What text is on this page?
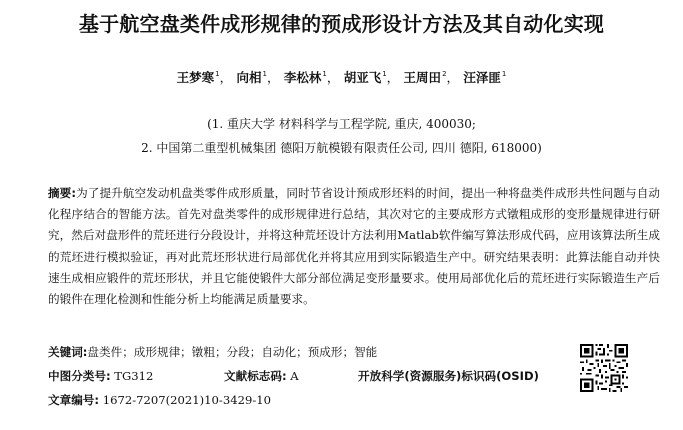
基于航空盘类件成形规律的预成形设计方法及其自动化实现
王梦寒$^1$， 向相$^1$， 李松林$^1$， 胡亚飞$^1$， 王周田$^2$， 汪泽匪$^1$
(1. 重庆大学 材料科学与工程学院, 重庆, 400030;
2. 中国第二重型机械集团 德阳万航模锻有限责任公司, 四川 德阳, 618000)
摘要:为了提升航空发动机盘类零件成形质量，同时节省设计预成形坯料的时间，提出一种将盘类件成形共性问题与自动化程序结合的智能方法。首先对盘类零件的成形规律进行总结，其次对它的主要成形方式镦粗成形的变形量规律进行研究，然后对盘形件的荒坯进行分段设计，并将这种荒坯设计方法利用Matlab软件编写算法形成代码，应用该算法所生成的荒坯进行模拟验证，再对此荒坯形状进行局部优化并将其应用到实际锻造生产中。研究结果表明：此算法能自动并快速生成相应锻件的荒坯形状，并且它能使锻件大部分部位满足变形量要求。使用局部优化后的荒坯进行实际锻造生产后的锻件在理化检测和性能分析上均能满足质量要求。
关键词:盘类件；成形规律；镦粗；分段；自动化；预成形；智能
中图分类号: TG312	文献标志码: A	开放科学(资源服务)标识码(OSID)
文章编号: 1672-7207(2021)10-3429-10
